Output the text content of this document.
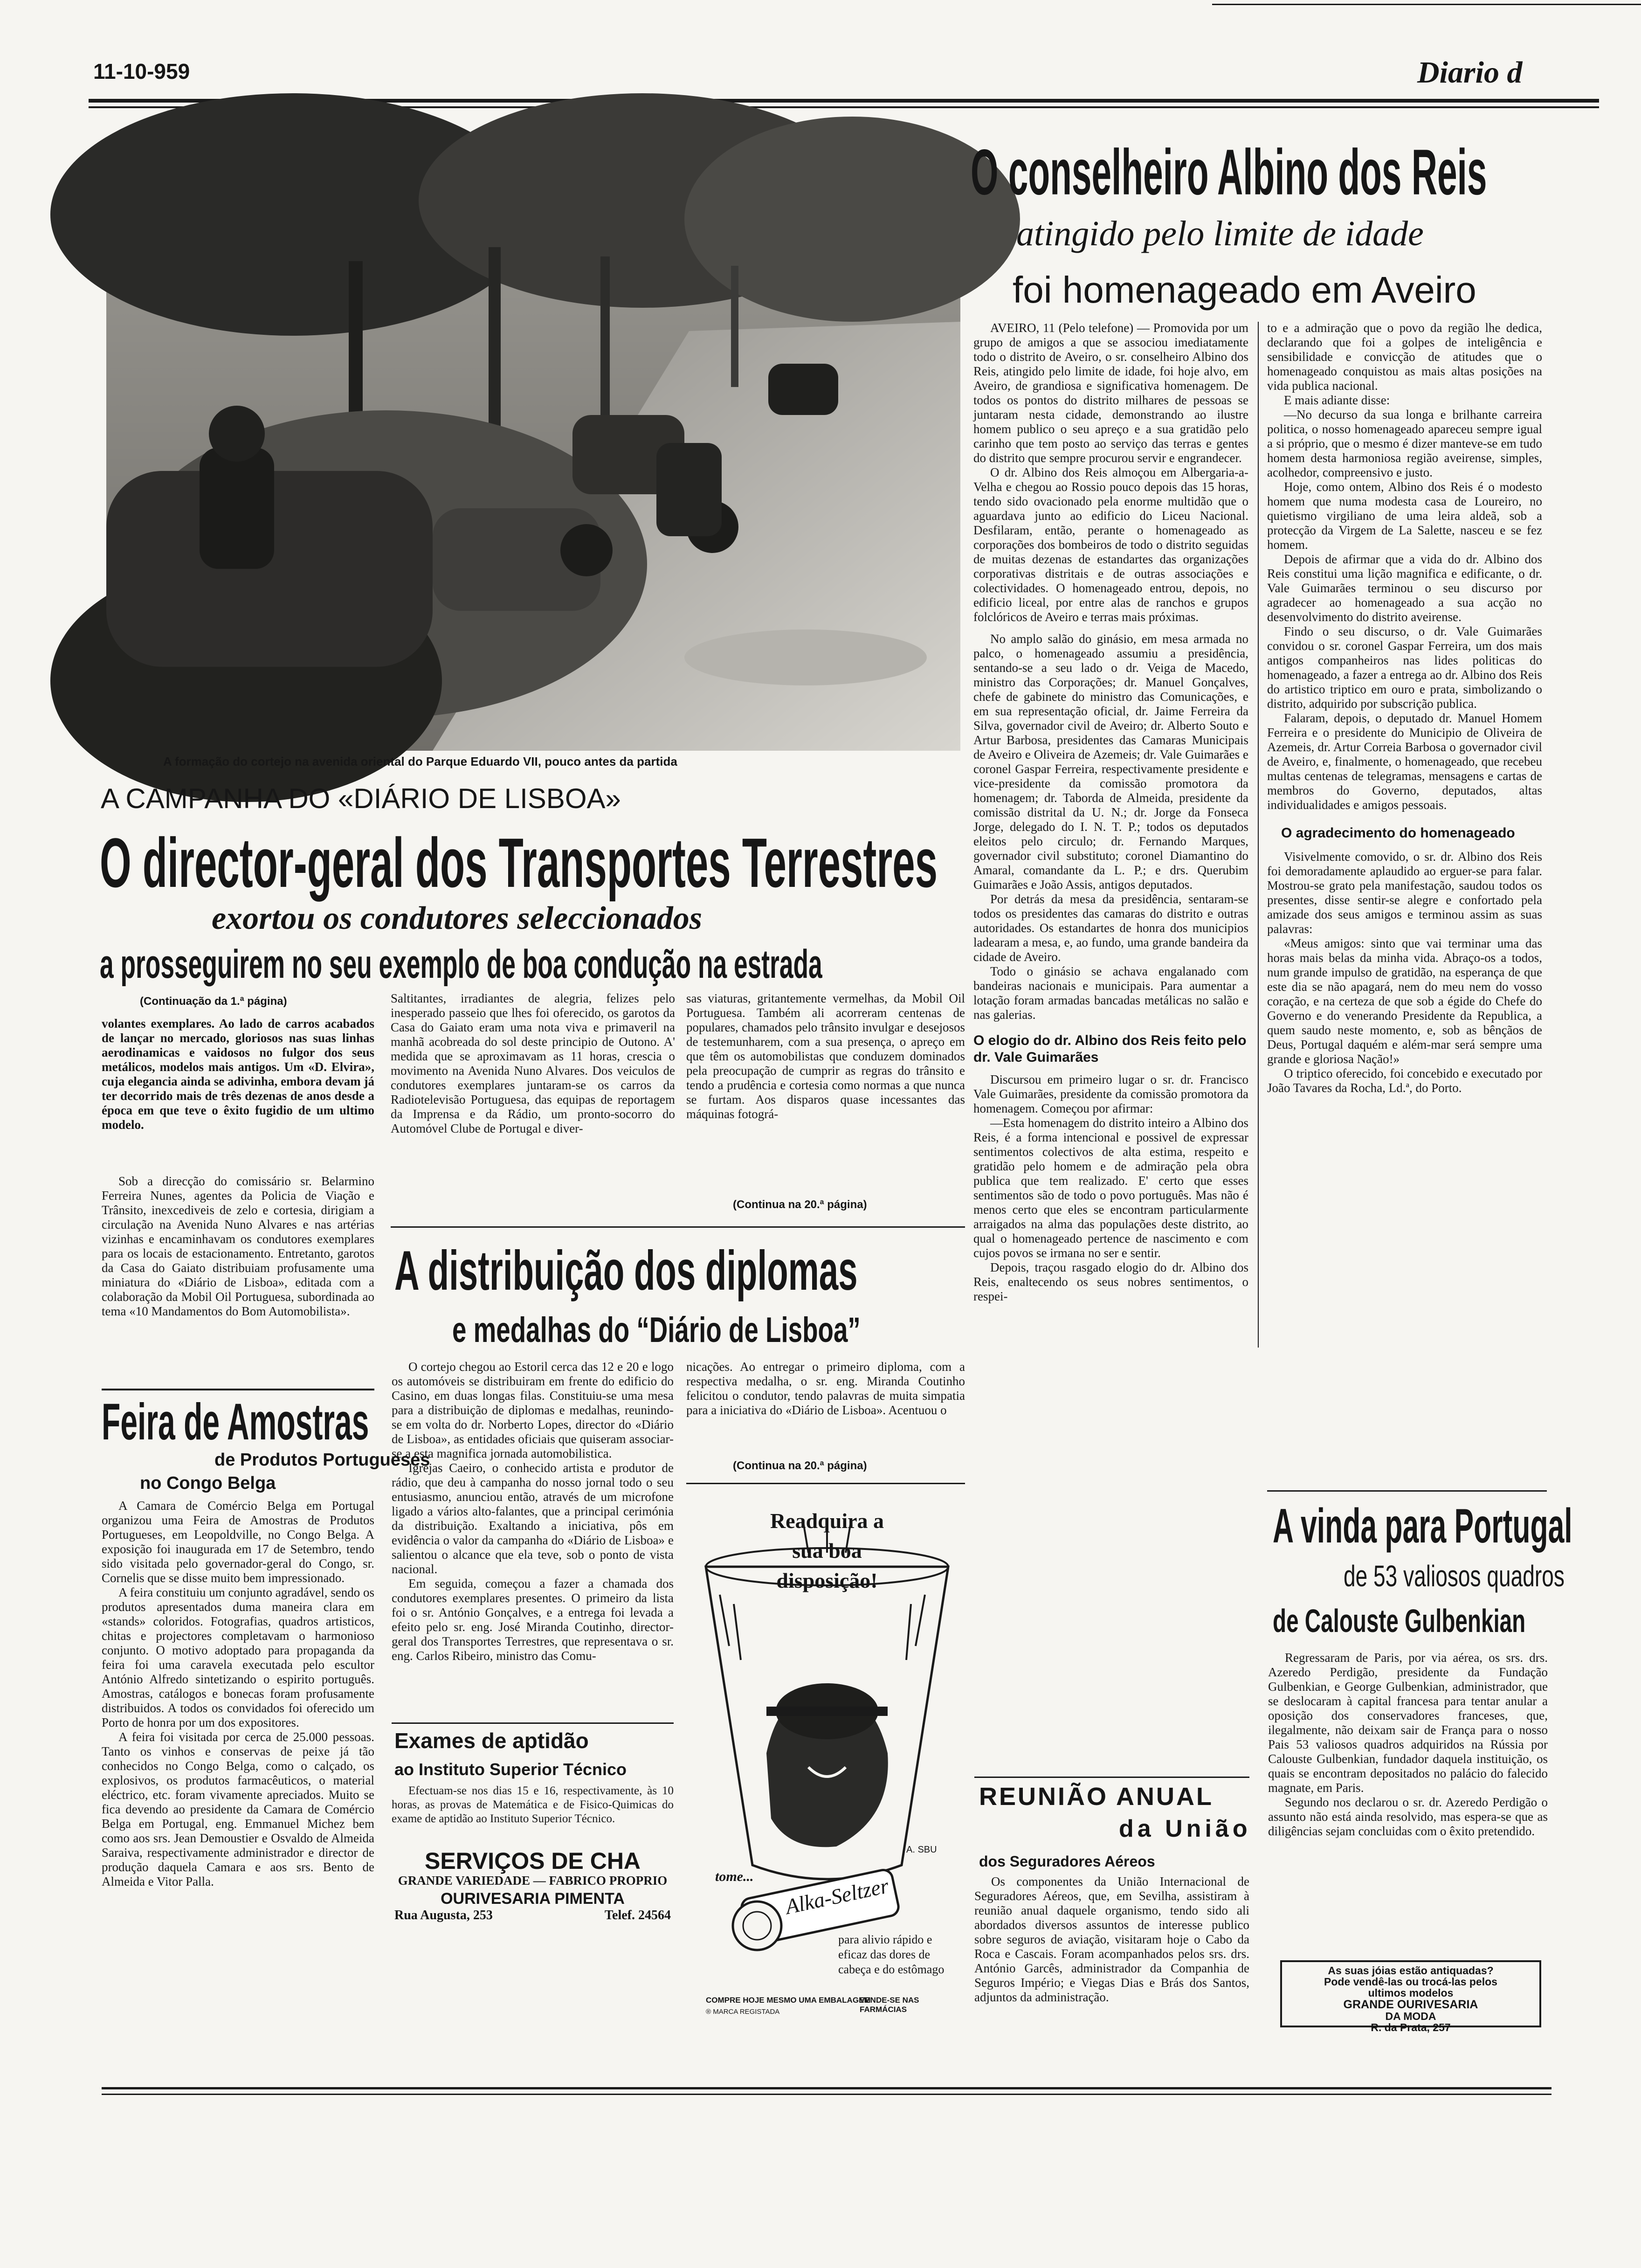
11-10-959	Diario d
A formação do cortejo na avenida oriental do Parque Eduardo VII, pouco antes da partida
O conselheiro Albino dos Reis
atingido pelo limite de idade
foi homenageado em Aveiro

AVEIRO, 11 (Pelo telefone) — Promovida por um grupo de amigos a que se associou imediatamente todo o distrito de Aveiro, o sr. conselheiro Albino dos Reis, atingido pelo limite de idade, foi hoje alvo, em Aveiro, de grandiosa e significativa homenagem. De todos os pontos do distrito milhares de pessoas se juntaram nesta cidade, demonstrando ao ilustre homem publico o seu apreço e a sua gratidão pelo carinho que tem posto ao serviço das terras e gentes do distrito que sempre procurou servir e engrandecer.

O dr. Albino dos Reis almoçou em Albergaria-a-Velha e chegou ao Rossio pouco depois das 15 horas, tendo sido ovacionado pela enorme multidão que o aguardava junto ao edificio do Liceu Nacional. Desfilaram, então, perante o homenageado as corporações dos bombeiros de todo o distrito seguidas de muitas dezenas de estandartes das organizações corporativas distritais e de outras associações e colectividades. O homenageado entrou, depois, no edificio liceal, por entre alas de ranchos e grupos folclóricos de Aveiro e terras mais próximas.

No amplo salão do ginásio, em mesa armada no palco, o homenageado assumiu a presidência, sentando-se a seu lado o dr. Veiga de Macedo, ministro das Corporações; dr. Manuel Gonçalves, chefe de gabinete do ministro das Comunicações, e em sua representação oficial, dr. Jaime Ferreira da Silva, governador civil de Aveiro; dr. Alberto Souto e Artur Barbosa, presidentes das Camaras Municipais de Aveiro e Oliveira de Azemeis; dr. Vale Guimarães e coronel Gaspar Ferreira, respectivamente presidente e vice-presidente da comissão promotora da homenagem; dr. Taborda de Almeida, presidente da comissão distrital da U. N.; dr. Jorge da Fonseca Jorge, delegado do I. N. T. P.; todos os deputados eleitos pelo circulo; dr. Fernando Marques, governador civil substituto; coronel Diamantino do Amaral, comandante da L. P.; e drs. Querubim Guimarães e João Assis, antigos deputados.

Por detrás da mesa da presidência, sentaram-se todos os presidentes das camaras do distrito e outras autoridades. Os estandartes de honra dos municipios ladearam a mesa, e, ao fundo, uma grande bandeira da cidade de Aveiro.

Todo o ginásio se achava engalanado com bandeiras nacionais e municipais. Para aumentar a lotação foram armadas bancadas metálicas no salão e nas galerias.

O elogio do dr. Albino dos Reis feito pelo dr. Vale Guimarães

Discursou em primeiro lugar o sr. dr. Francisco Vale Guimarães, presidente da comissão promotora da homenagem. Começou por afirmar:

—Esta homenagem do distrito inteiro a Albino dos Reis, é a forma intencional e possivel de expressar sentimentos colectivos de alta estima, respeito e gratidão pelo homem e de admiração pela obra publica que tem realizado. E' certo que esses sentimentos são de todo o povo português. Mas não é menos certo que eles se encontram particularmente arraigados na alma das populações deste distrito, ao qual o homenageado pertence de nascimento e com cujos povos se irmana no ser e sentir.

Depois, traçou rasgado elogio do dr. Albino dos Reis, enaltecendo os seus nobres sentimentos, o respei-

to e a admiração que o povo da região lhe dedica, declarando que foi a golpes de inteligência e sensibilidade e convicção de atitudes que o homenageado conquistou as mais altas posições na vida publica nacional.

E mais adiante disse:

—No decurso da sua longa e brilhante carreira politica, o nosso homenageado apareceu sempre igual a si próprio, que o mesmo é dizer manteve-se em tudo homem desta harmoniosa região aveirense, simples, acolhedor, compreensivo e justo.

Hoje, como ontem, Albino dos Reis é o modesto homem que numa modesta casa de Loureiro, no quietismo virgiliano de uma leira aldeã, sob a protecção da Virgem de La Salette, nasceu e se fez homem.

Depois de afirmar que a vida do dr. Albino dos Reis constitui uma lição magnifica e edificante, o dr. Vale Guimarães terminou o seu discurso por agradecer ao homenageado a sua acção no desenvolvimento do distrito aveirense.

Findo o seu discurso, o dr. Vale Guimarães convidou o sr. coronel Gaspar Ferreira, um dos mais antigos companheiros nas lides politicas do homenageado, a fazer a entrega ao dr. Albino dos Reis do artistico triptico em ouro e prata, simbolizando o distrito, adquirido por subscrição publica.

Falaram, depois, o deputado dr. Manuel Homem Ferreira e o presidente do Municipio de Oliveira de Azemeis, dr. Artur Correia Barbosa o governador civil de Aveiro, e, finalmente, o homenageado, que recebeu multas centenas de telegramas, mensagens e cartas de membros do Governo, deputados, altas individualidades e amigos pessoais.

O agradecimento do homenageado

Visivelmente comovido, o sr. dr. Albino dos Reis foi demoradamente aplaudido ao erguer-se para falar. Mostrou-se grato pela manifestação, saudou todos os presentes, disse sentir-se alegre e confortado pela amizade dos seus amigos e terminou assim as suas palavras:

«Meus amigos: sinto que vai terminar uma das horas mais belas da minha vida. Abraço-os a todos, num grande impulso de gratidão, na esperança de que este dia se não apagará, nem do meu nem do vosso coração, e na certeza de que sob a égide do Chefe do Governo e do venerando Presidente da Republica, a quem saudo neste momento, e, sob as bênçãos de Deus, Portugal daquém e além-mar será sempre uma grande e gloriosa Nação!»

O triptico oferecido, foi concebido e executado por João Tavares da Rocha, Ld.ª, do Porto.

A CAMPANHA DO «DIÁRIO DE LISBOA»
O director-geral dos Transportes Terrestres
exortou os condutores seleccionados
a prosseguirem no seu exemplo de boa condução na estrada
(Continuação da 1.ª página)

volantes exemplares. Ao lado de carros acabados de lançar no mercado, gloriosos nas suas linhas aerodinamicas e vaidosos no fulgor dos seus metálicos, modelos mais antigos. Um «D. Elvira», cuja elegancia ainda se adivinha, embora devam já ter decorrido mais de três dezenas de anos desde a época em que teve o êxito fugidio de um ultimo modelo.

Sob a direcção do comissário sr. Belarmino Ferreira Nunes, agentes da Policia de Viação e Trânsito, inexcediveis de zelo e cortesia, dirigiam a circulação na Avenida Nuno Alvares e nas artérias vizinhas e encaminhavam os condutores exemplares para os locais de estacionamento. Entretanto, garotos da Casa do Gaiato distribuiam profusamente uma miniatura do «Diário de Lisboa», editada com a colaboração da Mobil Oil Portuguesa, subordinada ao tema «10 Mandamentos do Bom Automobilista».

Saltitantes, irradiantes de alegria, felizes pelo inesperado passeio que lhes foi oferecido, os garotos da Casa do Gaiato eram uma nota viva e primaveril na manhã acobreada do sol deste principio de Outono. A' medida que se aproximavam as 11 horas, crescia o movimento na Avenida Nuno Alvares. Dos veiculos de condutores exemplares juntaram-se os carros da Radiotelevisão Portuguesa, das equipas de reportagem da Imprensa e da Rádio, um pronto-socorro do Automóvel Clube de Portugal e diver-

sas viaturas, gritantemente vermelhas, da Mobil Oil Portuguesa. Também ali acorreram centenas de populares, chamados pelo trânsito invulgar e desejosos de testemunharem, com a sua presença, o apreço em que têm os automobilistas que conduzem dominados pela preocupação de cumprir as regras do trânsito e tendo a prudência e cortesia como normas a que nunca se furtam. Aos disparos quase incessantes das máquinas fotográ-

(Continua na 20.ª página)
Feira de Amostras
de Produtos Portugueses
no Congo Belga

A Camara de Comércio Belga em Portugal organizou uma Feira de Amostras de Produtos Portugueses, em Leopoldville, no Congo Belga. A exposição foi inaugurada em 17 de Setembro, tendo sido visitada pelo governador-geral do Congo, sr. Cornelis que se disse muito bem impressionado.

A feira constituiu um conjunto agradável, sendo os produtos apresentados duma maneira clara em «stands» coloridos. Fotografias, quadros artisticos, chitas e projectores completavam o harmonioso conjunto. O motivo adoptado para propaganda da feira foi uma caravela executada pelo escultor António Alfredo sintetizando o espirito português. Amostras, catálogos e bonecas foram profusamente distribuidos. A todos os convidados foi oferecido um Porto de honra por um dos expositores.

A feira foi visitada por cerca de 25.000 pessoas. Tanto os vinhos e conservas de peixe já tão conhecidos no Congo Belga, como o calçado, os explosivos, os produtos farmacêuticos, o material eléctrico, etc. foram vivamente apreciados. Muito se fica devendo ao presidente da Camara de Comércio Belga em Portugal, eng. Emmanuel Michez bem como aos srs. Jean Demoustier e Osvaldo de Almeida Saraiva, respectivamente administrador e director de produção daquela Camara e aos srs. Bento de Almeida e Vitor Palla.

A distribuição dos diplomas
e medalhas do “Diário de Lisboa”

O cortejo chegou ao Estoril cerca das 12 e 20 e logo os automóveis se distribuiram em frente do edificio do Casino, em duas longas filas. Constituiu-se uma mesa para a distribuição de diplomas e medalhas, reunindo-se em volta do dr. Norberto Lopes, director do «Diário de Lisboa», as entidades oficiais que quiseram associar-se a esta magnifica jornada automobilistica.

Igrejas Caeiro, o conhecido artista e produtor de rádio, que deu à campanha do nosso jornal todo o seu entusiasmo, anunciou então, através de um microfone ligado a vários alto-falantes, que a principal cerimónia da distribuição. Exaltando a iniciativa, pôs em evidência o valor da campanha do «Diário de Lisboa» e salientou o alcance que ela teve, sob o ponto de vista nacional.

Em seguida, começou a fazer a chamada dos condutores exemplares presentes. O primeiro da lista foi o sr. António Gonçalves, e a entrega foi levada a efeito pelo sr. eng. José Miranda Coutinho, director-geral dos Transportes Terrestres, que representava o sr. eng. Carlos Ribeiro, ministro das Comu-

nicações. Ao entregar o primeiro diploma, com a respectiva medalha, o sr. eng. Miranda Coutinho felicitou o condutor, tendo palavras de muita simpatia para a iniciativa do «Diário de Lisboa». Acentuou o

(Continua na 20.ª página)
Exames de aptidão
ao Instituto Superior Técnico

Efectuam-se nos dias 15 e 16, respectivamente, às 10 horas, as provas de Matemática e de Fisico-Quimicas do exame de aptidão ao Instituto Superior Técnico.

SERVIÇOS DE CHA
GRANDE VARIEDADE — FABRICO PROPRIO
OURIVESARIA PIMENTA
Rua Augusta, 253	Telef. 24564
Readquira a sua boa disposição!
tome... Alka-Seltzer
A. SBU
para alivio rápido e eficaz das dores de cabeça e do estômago
COMPRE HOJE MESMO UMA EMBALAGEM
VENDE-SE NAS FARMÁCIAS
® MARCA REGISTADA
REUNIÃO ANUAL
da União
dos Seguradores Aéreos

Os componentes da União Internacional de Seguradores Aéreos, que, em Sevilha, assistiram à reunião anual daquele organismo, tendo sido ali abordados diversos assuntos de interesse publico sobre seguros de aviação, visitaram hoje o Cabo da Roca e Cascais. Foram acompanhados pelos srs. drs. António Garcês, administrador da Companhia de Seguros Império; e Viegas Dias e Brás dos Santos, adjuntos da administração.

A vinda para Portugal
de 53 valiosos quadros
de Calouste Gulbenkian

Regressaram de Paris, por via aérea, os srs. drs. Azeredo Perdigão, presidente da Fundação Gulbenkian, e George Gulbenkian, administrador, que se deslocaram à capital francesa para tentar anular a oposição dos conservadores franceses, que, ilegalmente, não deixam sair de França para o nosso Pais 53 valiosos quadros adquiridos na Rússia por Calouste Gulbenkian, fundador daquela instituição, os quais se encontram depositados no palácio do falecido magnate, em Paris.

Segundo nos declarou o sr. dr. Azeredo Perdigão o assunto não está ainda resolvido, mas espera-se que as diligências sejam concluidas com o êxito pretendido.

As suas jóias estão antiquadas?
Pode vendê-las ou trocá-las pelos
ultimos modelos
GRANDE OURIVESARIA
DA MODA
R. da Prata, 257
